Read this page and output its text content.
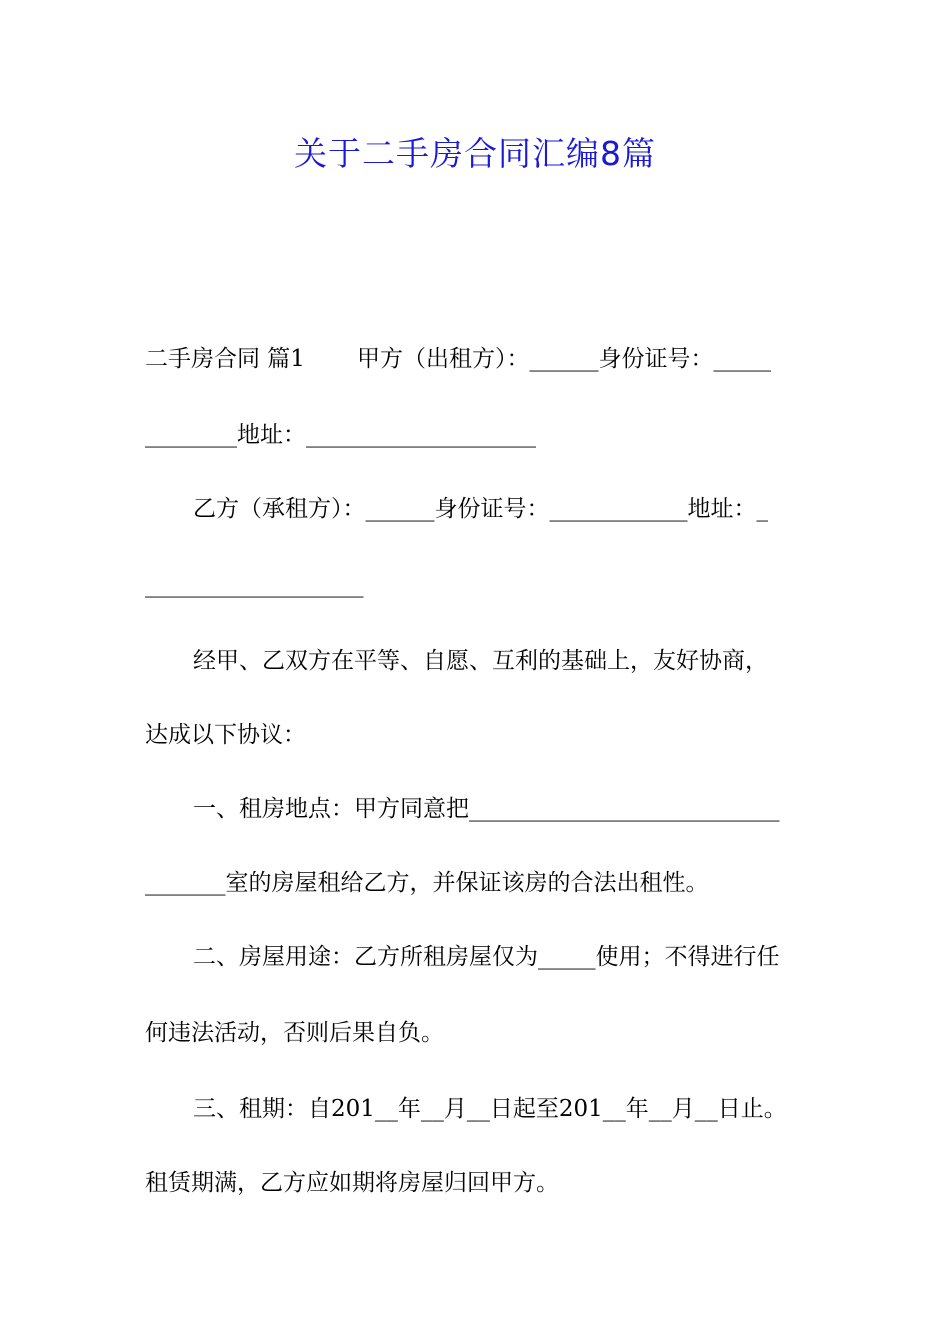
关于二手房合同汇编8篇
二手房合同 篇1 甲方（出租方）：______身份证号：_____
________地址：____________________
乙方（承租方）：______身份证号：____________地址：_
___________________
经甲、乙双方在平等、自愿、互利的基础上，友好协商，
达成以下协议：
一、租房地点：甲方同意把___________________________
_______室的房屋租给乙方，并保证该房的合法出租性。
二、房屋用途：乙方所租房屋仅为_____使用；不得进行任
何违法活动，否则后果自负。
三、租期：自201__年__月__日起至201__年__月__日止。
租赁期满，乙方应如期将房屋归回甲方。
